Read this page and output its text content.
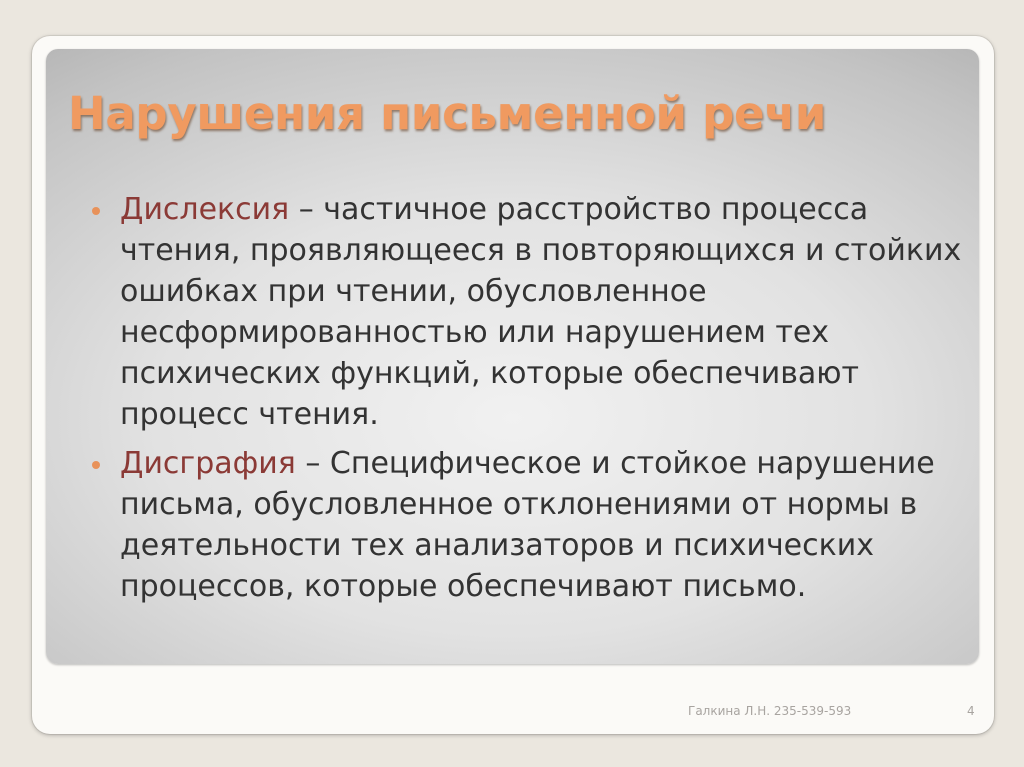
Нарушения письменной речи
Дислексия – частичное расстройство процесса чтения, проявляющееся в повторяющихся и стойких ошибках при чтении, обусловленное несформированностью или нарушением тех психических функций, которые обеспечивают процесс чтения.
Дисграфия – Специфическое и стойкое нарушение письма, обусловленное отклонениями от нормы в деятельности тех анализаторов и психических процессов, которые обеспечивают письмо.
Галкина Л.Н. 235-539-593	4
